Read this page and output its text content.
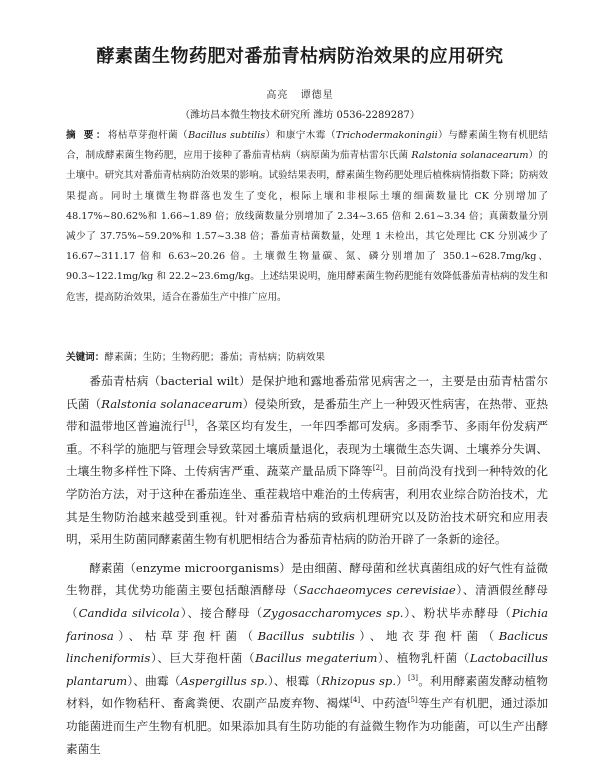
酵素菌生物药肥对番茄青枯病防治效果的应用研究
高亮 谭德星
（潍坊昌本微生物技术研究所 潍坊 0536-2289287）
摘 要：将枯草芽孢杆菌（Bacillus subtilis）和康宁木霉（Trichodermakoningii）与酵素菌生物有机肥结合，制成酵素菌生物药肥，应用于接种了番茄青枯病（病原菌为茄青枯雷尔氏菌 Ralstonia solanacearum）的土壤中。研究其对番茄青枯病防治效果的影响。试验结果表明，酵素菌生物药肥处理后植株病情指数下降；防病效果提高。同时土壤微生物群落也发生了变化，根际上壤和非根际土壤的细菌数量比 CK 分别增加了 48.17%~80.62%和 1.66~1.89 倍；放线菌数量分别增加了 2.34~3.65 倍和 2.61~3.34 倍；真菌数量分别减少了 37.75%~59.20%和 1.57~3.38 倍；番茄青枯菌数量，处理 1 未检出，其它处理比 CK 分别减少了 16.67~311.17 倍和 6.63~20.26 倍。土壤微生物量碳、氮、磷分别增加了 350.1~628.7mg/kg、90.3~122.1mg/kg 和 22.2~23.6mg/kg。上述结果说明，施用酵素菌生物药肥能有效降低番茄青枯病的发生和危害，提高防治效果，适合在番茄生产中推广应用。
关键词：酵素菌；生防；生物药肥；番茄；青枯病；防病效果

番茄青枯病（bacterial wilt）是保护地和露地番茄常见病害之一，主要是由茄青枯雷尔氏菌（Ralstonia solanacearum）侵染所致，是番茄生产上一种毁灭性病害，在热带、亚热带和温带地区普遍流行[1]，各菜区均有发生，一年四季都可发病。多雨季节、多雨年份发病严重。不科学的施肥与管理会导致菜园土壤质量退化，表现为土壤微生态失调、土壤养分失调、土壤生物多样性下降、土传病害严重、蔬菜产量品质下降等[2]。目前尚没有找到一种特效的化学防治方法，对于这种在番茄连坐、重茬栽培中难治的土传病害，利用农业综合防治技术，尤其是生物防治越来越受到重视。针对番茄青枯病的致病机理研究以及防治技术研究和应用表明，采用生防菌同酵素菌生物有机肥相结合为番茄青枯病的防治开辟了一条新的途径。

酵素菌（enzyme microorganisms）是由细菌、酵母菌和丝状真菌组成的好气性有益微生物群，其优势功能菌主要包括酿酒酵母（Sacchaeomyces cerevisiae）、清酒假丝酵母（Candida silvicola）、接合酵母（Zygosaccharomyces sp.）、粉状毕赤酵母（Pichia farinosa）、枯草芽孢杆菌（Bacillus subtilis）、地衣芽孢杆菌（Baclicus lincheniformis）、巨大芽孢杆菌（Bacillus megaterium）、植物乳杆菌（Lactobacillus plantarum）、曲霉（Aspergillus sp.）、根霉（Rhizopus sp.）[3]。利用酵素菌发酵动植物材料，如作物秸秆、畜禽粪便、农副产品废弃物、褐煤[4]、中药渣[5]等生产有机肥，通过添加功能菌进而生产生物有机肥。如果添加具有生防功能的有益微生物作为功能菌，可以生产出酵素菌生
